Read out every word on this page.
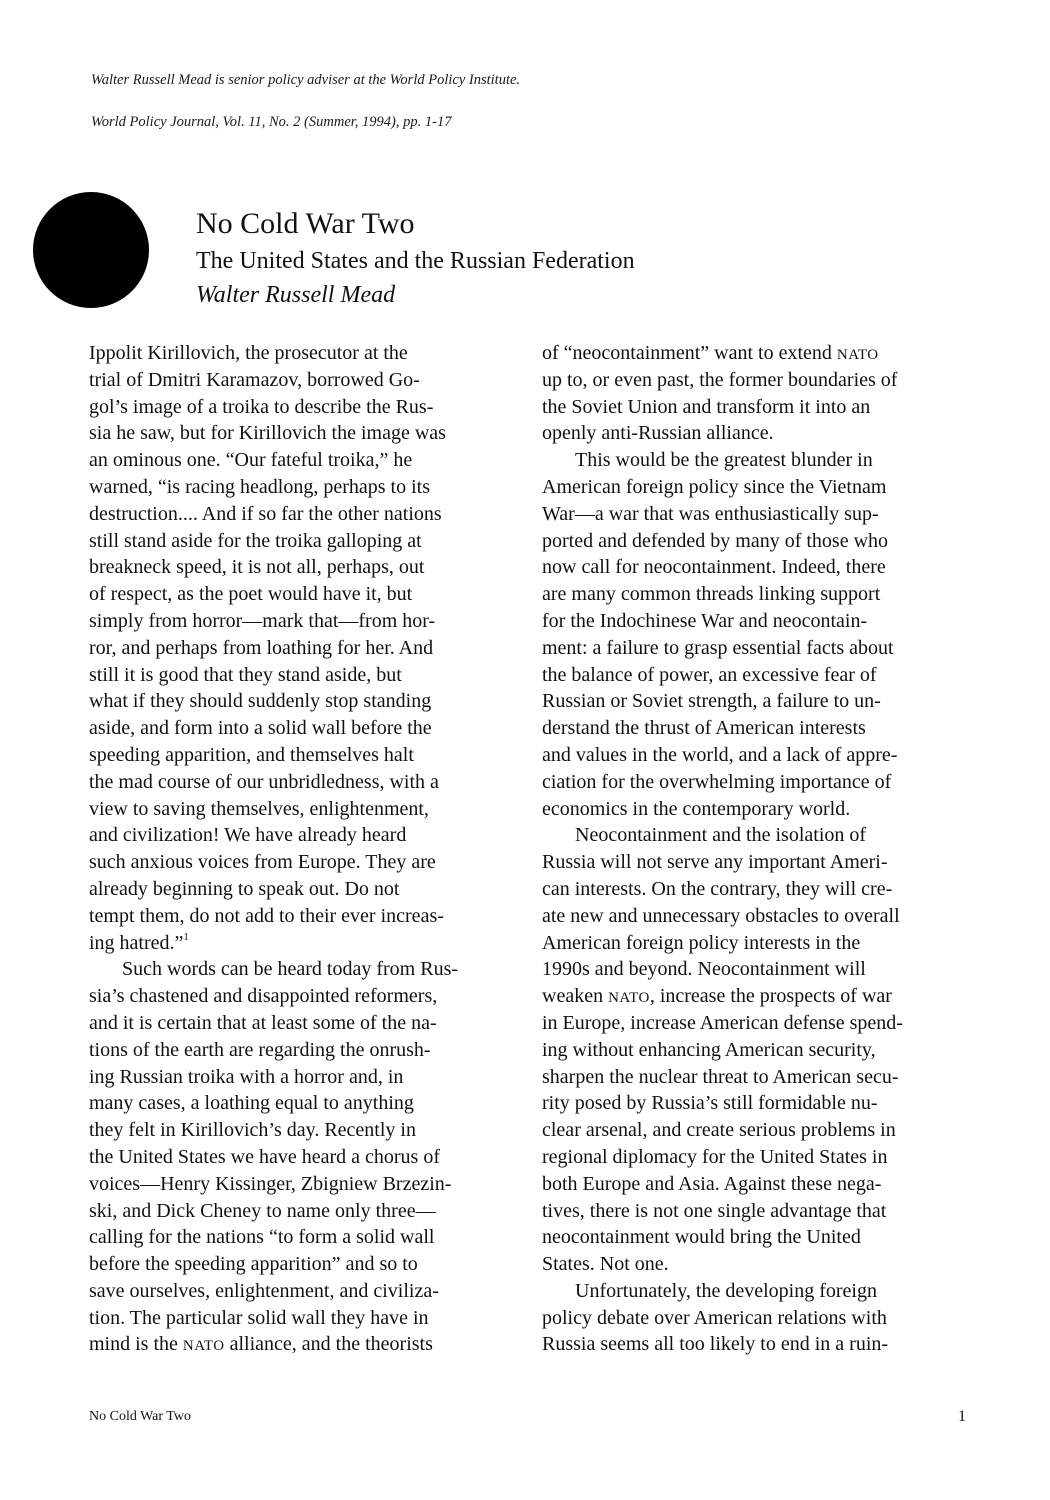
Walter Russell Mead is senior policy adviser at the World Policy Institute.
World Policy Journal, Vol. 11, No. 2 (Summer, 1994), pp. 1-17
No Cold War Two
The United States and the Russian Federation
Walter Russell Mead
Ippolit Kirillovich, the prosecutor at the
trial of Dmitri Karamazov, borrowed Go-
gol’s image of a troika to describe the Rus-
sia he saw, but for Kirillovich the image was
an ominous one. “Our fateful troika,” he
warned, “is racing headlong, perhaps to its
destruction.... And if so far the other nations
still stand aside for the troika galloping at
breakneck speed, it is not all, perhaps, out
of respect, as the poet would have it, but
simply from horror—mark that—from hor-
ror, and perhaps from loathing for her. And
still it is good that they stand aside, but
what if they should suddenly stop standing
aside, and form into a solid wall before the
speeding apparition, and themselves halt
the mad course of our unbridledness, with a
view to saving themselves, enlightenment,
and civilization! We have already heard
such anxious voices from Europe. They are
already beginning to speak out. Do not
tempt them, do not add to their ever increas-
ing hatred.”$^1$
Such words can be heard today from Rus-
sia’s chastened and disappointed reformers,
and it is certain that at least some of the na-
tions of the earth are regarding the onrush-
ing Russian troika with a horror and, in
many cases, a loathing equal to anything
they felt in Kirillovich’s day. Recently in
the United States we have heard a chorus of
voices—Henry Kissinger, Zbigniew Brzezin-
ski, and Dick Cheney to name only three—
calling for the nations “to form a solid wall
before the speeding apparition” and so to
save ourselves, enlightenment, and civiliza-
tion. The particular solid wall they have in
mind is the NATO alliance, and the theorists
of “neocontainment” want to extend NATO
up to, or even past, the former boundaries of
the Soviet Union and transform it into an
openly anti-Russian alliance.
This would be the greatest blunder in
American foreign policy since the Vietnam
War—a war that was enthusiastically sup-
ported and defended by many of those who
now call for neocontainment. Indeed, there
are many common threads linking support
for the Indochinese War and neocontain-
ment: a failure to grasp essential facts about
the balance of power, an excessive fear of
Russian or Soviet strength, a failure to un-
derstand the thrust of American interests
and values in the world, and a lack of appre-
ciation for the overwhelming importance of
economics in the contemporary world.
Neocontainment and the isolation of
Russia will not serve any important Ameri-
can interests. On the contrary, they will cre-
ate new and unnecessary obstacles to overall
American foreign policy interests in the
1990s and beyond. Neocontainment will
weaken NATO, increase the prospects of war
in Europe, increase American defense spend-
ing without enhancing American security,
sharpen the nuclear threat to American secu-
rity posed by Russia’s still formidable nu-
clear arsenal, and create serious problems in
regional diplomacy for the United States in
both Europe and Asia. Against these nega-
tives, there is not one single advantage that
neocontainment would bring the United
States. Not one.
Unfortunately, the developing foreign
policy debate over American relations with
Russia seems all too likely to end in a ruin-
No Cold War Two	1
